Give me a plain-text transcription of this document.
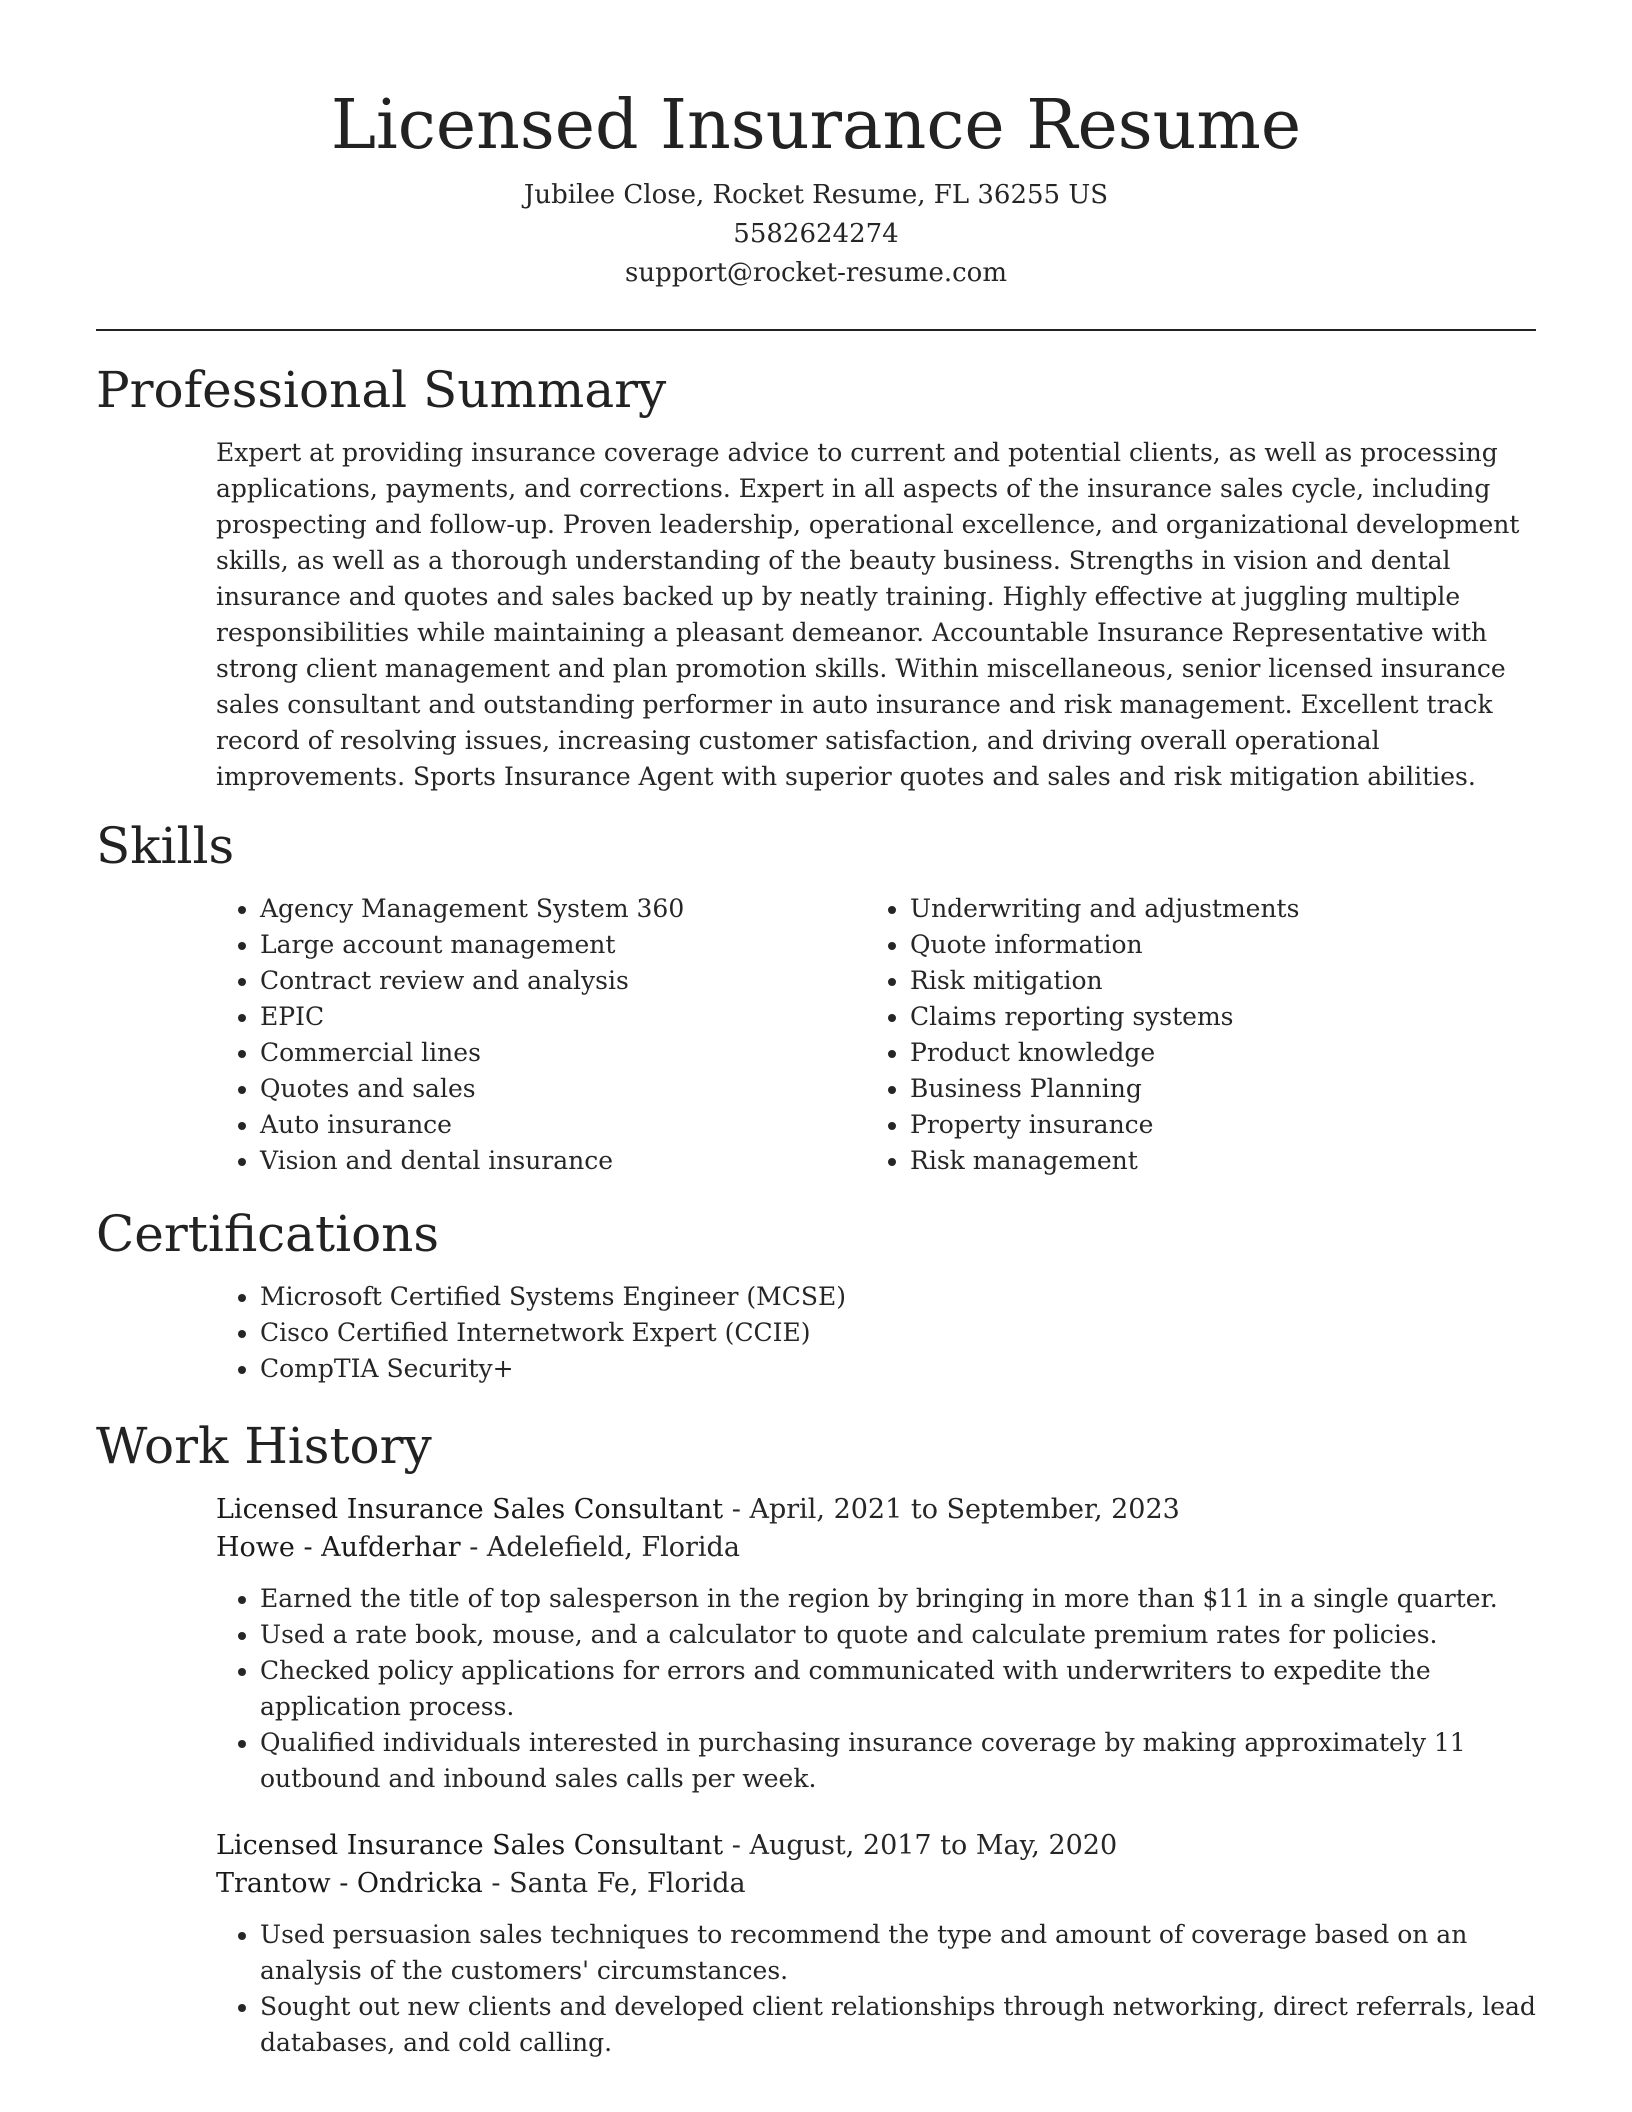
Licensed Insurance Resume
Jubilee Close, Rocket Resume, FL 36255 US
5582624274
support@rocket-resume.com
Professional Summary

Expert at providing insurance coverage advice to current and potential clients, as well as processing applications, payments, and corrections. Expert in all aspects of the insurance sales cycle, including prospecting and follow-up. Proven leadership, operational excellence, and organizational development skills, as well as a thorough understanding of the beauty business. Strengths in vision and dental insurance and quotes and sales backed up by neatly training. Highly effective at juggling multiple responsibilities while maintaining a pleasant demeanor. Accountable Insurance Representative with strong client management and plan promotion skills. Within miscellaneous, senior licensed insurance sales consultant and outstanding performer in auto insurance and risk management. Excellent track record of resolving issues, increasing customer satisfaction, and driving overall operational improvements. Sports Insurance Agent with superior quotes and sales and risk mitigation abilities.

Skills
• Agency Management System 360
• Large account management
• Contract review and analysis
• EPIC
• Commercial lines
• Quotes and sales
• Auto insurance
• Vision and dental insurance
• Underwriting and adjustments
• Quote information
• Risk mitigation
• Claims reporting systems
• Product knowledge
• Business Planning
• Property insurance
• Risk management
Certifications
• Microsoft Certified Systems Engineer (MCSE)
• Cisco Certified Internetwork Expert (CCIE)
• CompTIA Security+
Work History
Licensed Insurance Sales Consultant - April, 2021 to September, 2023
Howe - Aufderhar - Adelefield, Florida
• Earned the title of top salesperson in the region by bringing in more than $11 in a single quarter.
• Used a rate book, mouse, and a calculator to quote and calculate premium rates for policies.
• Checked policy applications for errors and communicated with underwriters to expedite the application process.
• Qualified individuals interested in purchasing insurance coverage by making approximately 11 outbound and inbound sales calls per week.
Licensed Insurance Sales Consultant - August, 2017 to May, 2020
Trantow - Ondricka - Santa Fe, Florida
• Used persuasion sales techniques to recommend the type and amount of coverage based on an analysis of the customers' circumstances.
• Sought out new clients and developed client relationships through networking, direct referrals, lead databases, and cold calling.
